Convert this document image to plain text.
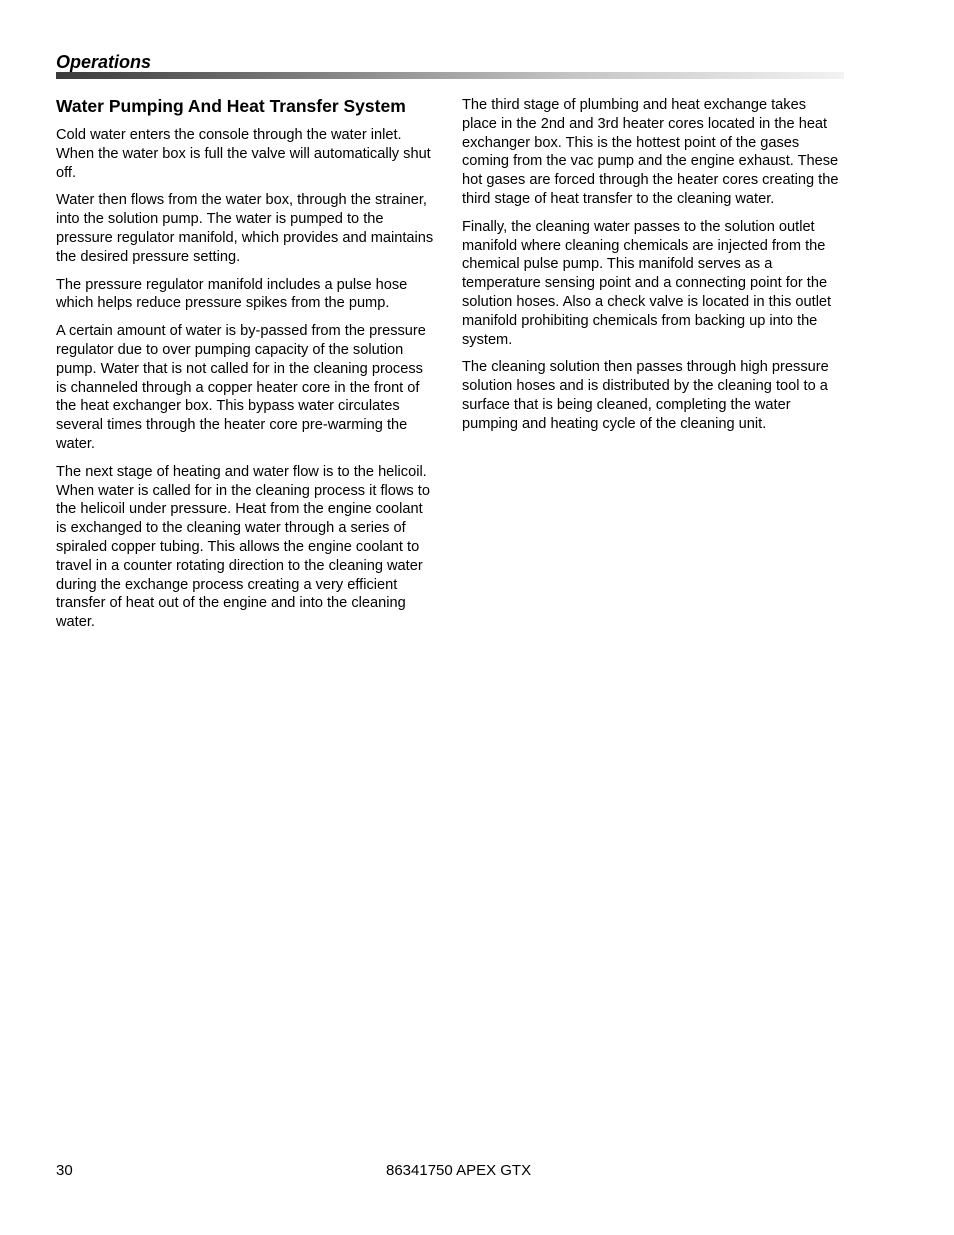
Operations
Water Pumping And Heat Transfer System

Cold water enters the console through the water inlet. When the water box is full the valve will automatically shut off.

Water then flows from the water box, through the strainer, into the solution pump. The water is pumped to the pressure regulator manifold, which provides and maintains the desired pressure setting.

The pressure regulator manifold includes a pulse hose which helps reduce pressure spikes from the pump.

A certain amount of water is by-passed from the pressure regulator due to over pumping capacity of the solution pump. Water that is not called for in the cleaning process is channeled through a copper heater core in the front of the heat exchanger box. This bypass water circulates several times through the heater core pre-warming the water.

The next stage of heating and water flow is to the helicoil. When water is called for in the cleaning process it flows to the helicoil under pressure. Heat from the engine coolant is exchanged to the cleaning water through a series of spiraled copper tubing. This allows the engine coolant to travel in a counter rotating direction to the cleaning water during the exchange process creating a very efficient transfer of heat out of the engine and into the cleaning water.

The third stage of plumbing and heat exchange takes place in the 2nd and 3rd heater cores located in the heat exchanger box. This is the hottest point of the gases coming from the vac pump and the engine exhaust. These hot gases are forced through the heater cores creating the third stage of heat transfer to the cleaning water.

Finally, the cleaning water passes to the solution outlet manifold where cleaning chemicals are injected from the chemical pulse pump. This manifold serves as a temperature sensing point and a connecting point for the solution hoses. Also a check valve is located in this outlet manifold prohibiting chemicals from backing up into the system.

The cleaning solution then passes through high pressure solution hoses and is distributed by the cleaning tool to a surface that is being cleaned, completing the water pumping and heating cycle of the cleaning unit.

30	86341750 APEX GTX
